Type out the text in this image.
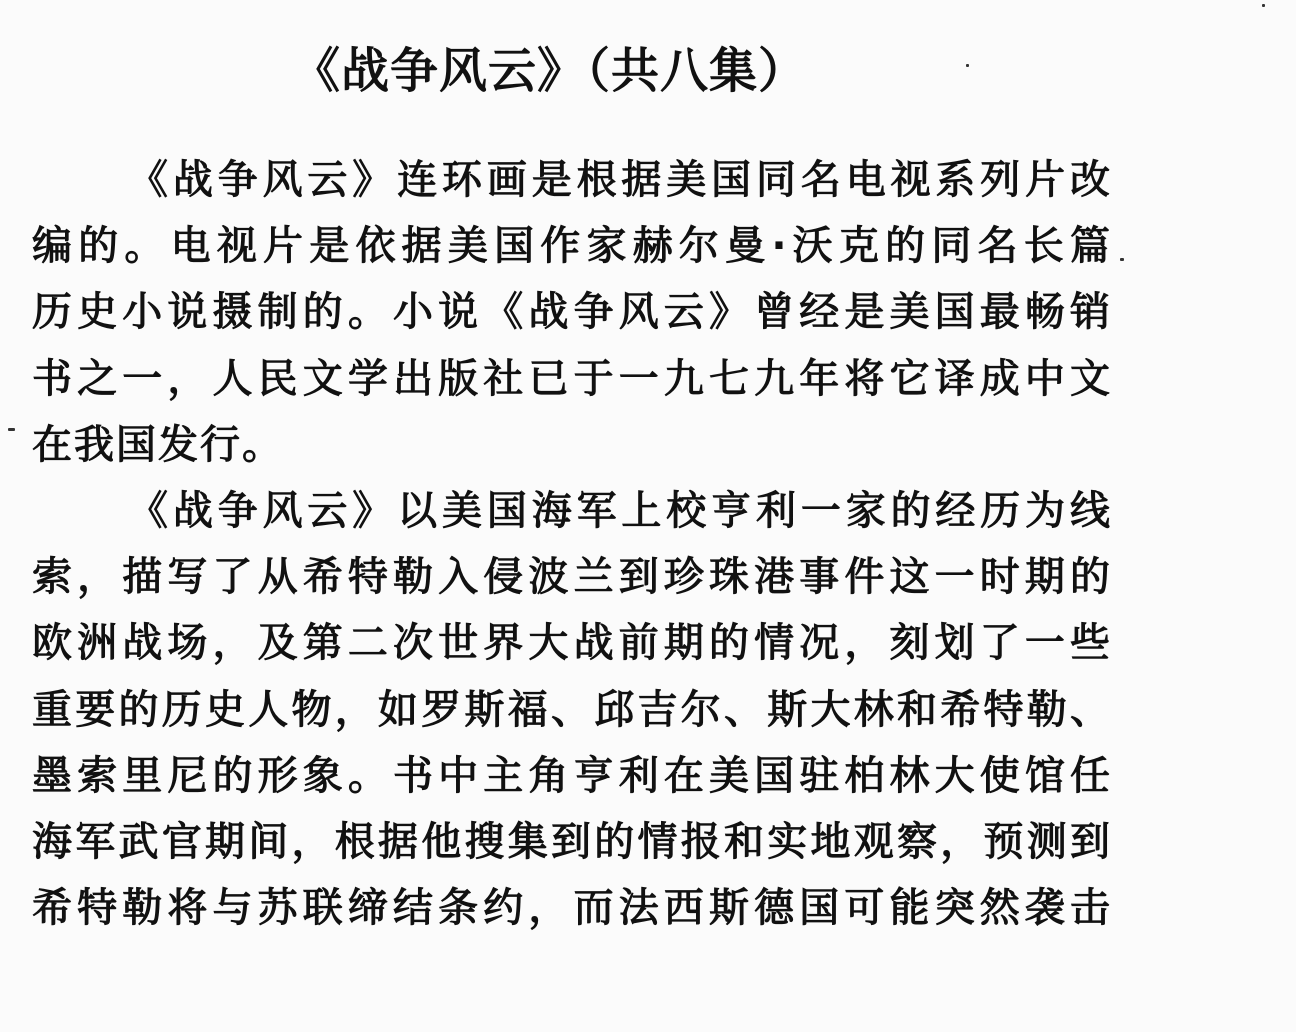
《战争风云》（共八集）
《战争风云》连环画是根据美国同名电视系列片改
编的。电视片是依据美国作家赫尔曼·沃克的同名长篇
历史小说摄制的。小说《战争风云》曾经是美国最畅销
书之一，人民文学出版社已于一九七九年将它译成中文
在我国发行。
《战争风云》以美国海军上校亨利一家的经历为线
索，描写了从希特勒入侵波兰到珍珠港事件这一时期的
欧洲战场，及第二次世界大战前期的情况，刻划了一些
重要的历史人物，如罗斯福、邱吉尔、斯大林和希特勒、
墨索里尼的形象。书中主角亨利在美国驻柏林大使馆任
海军武官期间，根据他搜集到的情报和实地观察，预测到
希特勒将与苏联缔结条约，而法西斯德国可能突然袭击
